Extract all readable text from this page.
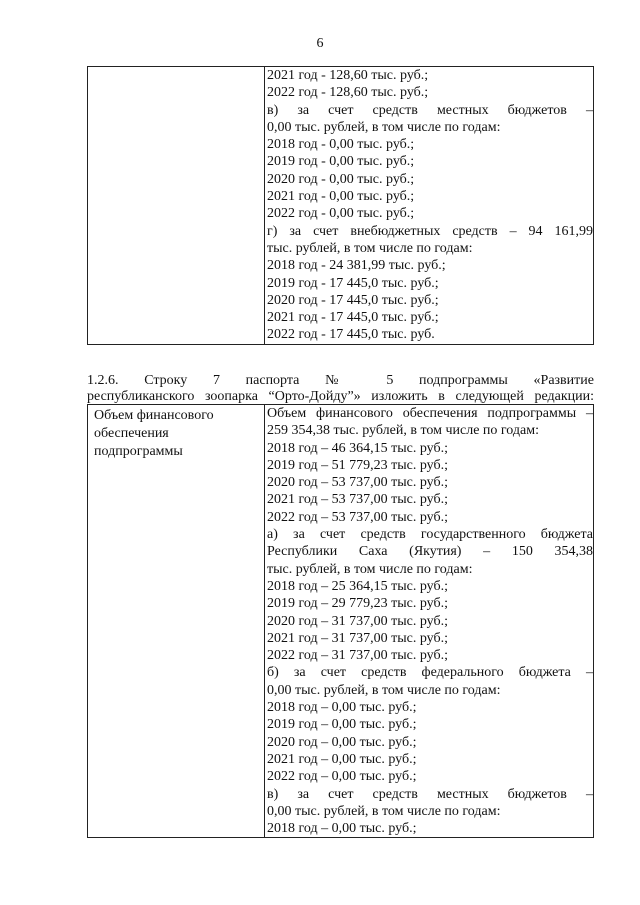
6

2021 год - 128,60 тыс. руб.;
2022 год - 128,60 тыс. руб.;
в) за счет средств местных бюджетов –
0,00 тыс. рублей, в том числе по годам:
2018 год - 0,00 тыс. руб.;
2019 год - 0,00 тыс. руб.;
2020 год - 0,00 тыс. руб.;
2021 год - 0,00 тыс. руб.;
2022 год - 0,00 тыс. руб.;
г) за счет внебюджетных средств – 94 161,99
тыс. рублей, в том числе по годам:
2018 год - 24 381,99 тыс. руб.;
2019 год - 17 445,0 тыс. руб.;
2020 год - 17 445,0 тыс. руб.;
2021 год - 17 445,0 тыс. руб.;
2022 год - 17 445,0 тыс. руб.
1.2.6. Строку 7 паспорта № 5 подпрограммы «Развитие
республиканского зоопарка “Орто-Дойду”» изложить в следующей редакции:
Объем финансового
обеспечения
подпрограммы

Объем финансового обеспечения подпрограммы –
259 354,38 тыс. рублей, в том числе по годам:
2018 год – 46 364,15 тыс. руб.;
2019 год – 51 779,23 тыс. руб.;
2020 год – 53 737,00 тыс. руб.;
2021 год – 53 737,00 тыс. руб.;
2022 год – 53 737,00 тыс. руб.;
а) за счет средств государственного бюджета
Республики Саха (Якутия) – 150 354,38
тыс. рублей, в том числе по годам:
2018 год – 25 364,15 тыс. руб.;
2019 год – 29 779,23 тыс. руб.;
2020 год – 31 737,00 тыс. руб.;
2021 год – 31 737,00 тыс. руб.;
2022 год – 31 737,00 тыс. руб.;
б) за счет средств федерального бюджета –
0,00 тыс. рублей, в том числе по годам:
2018 год – 0,00 тыс. руб.;
2019 год – 0,00 тыс. руб.;
2020 год – 0,00 тыс. руб.;
2021 год – 0,00 тыс. руб.;
2022 год – 0,00 тыс. руб.;
в) за счет средств местных бюджетов –
0,00 тыс. рублей, в том числе по годам:
2018 год – 0,00 тыс. руб.;
